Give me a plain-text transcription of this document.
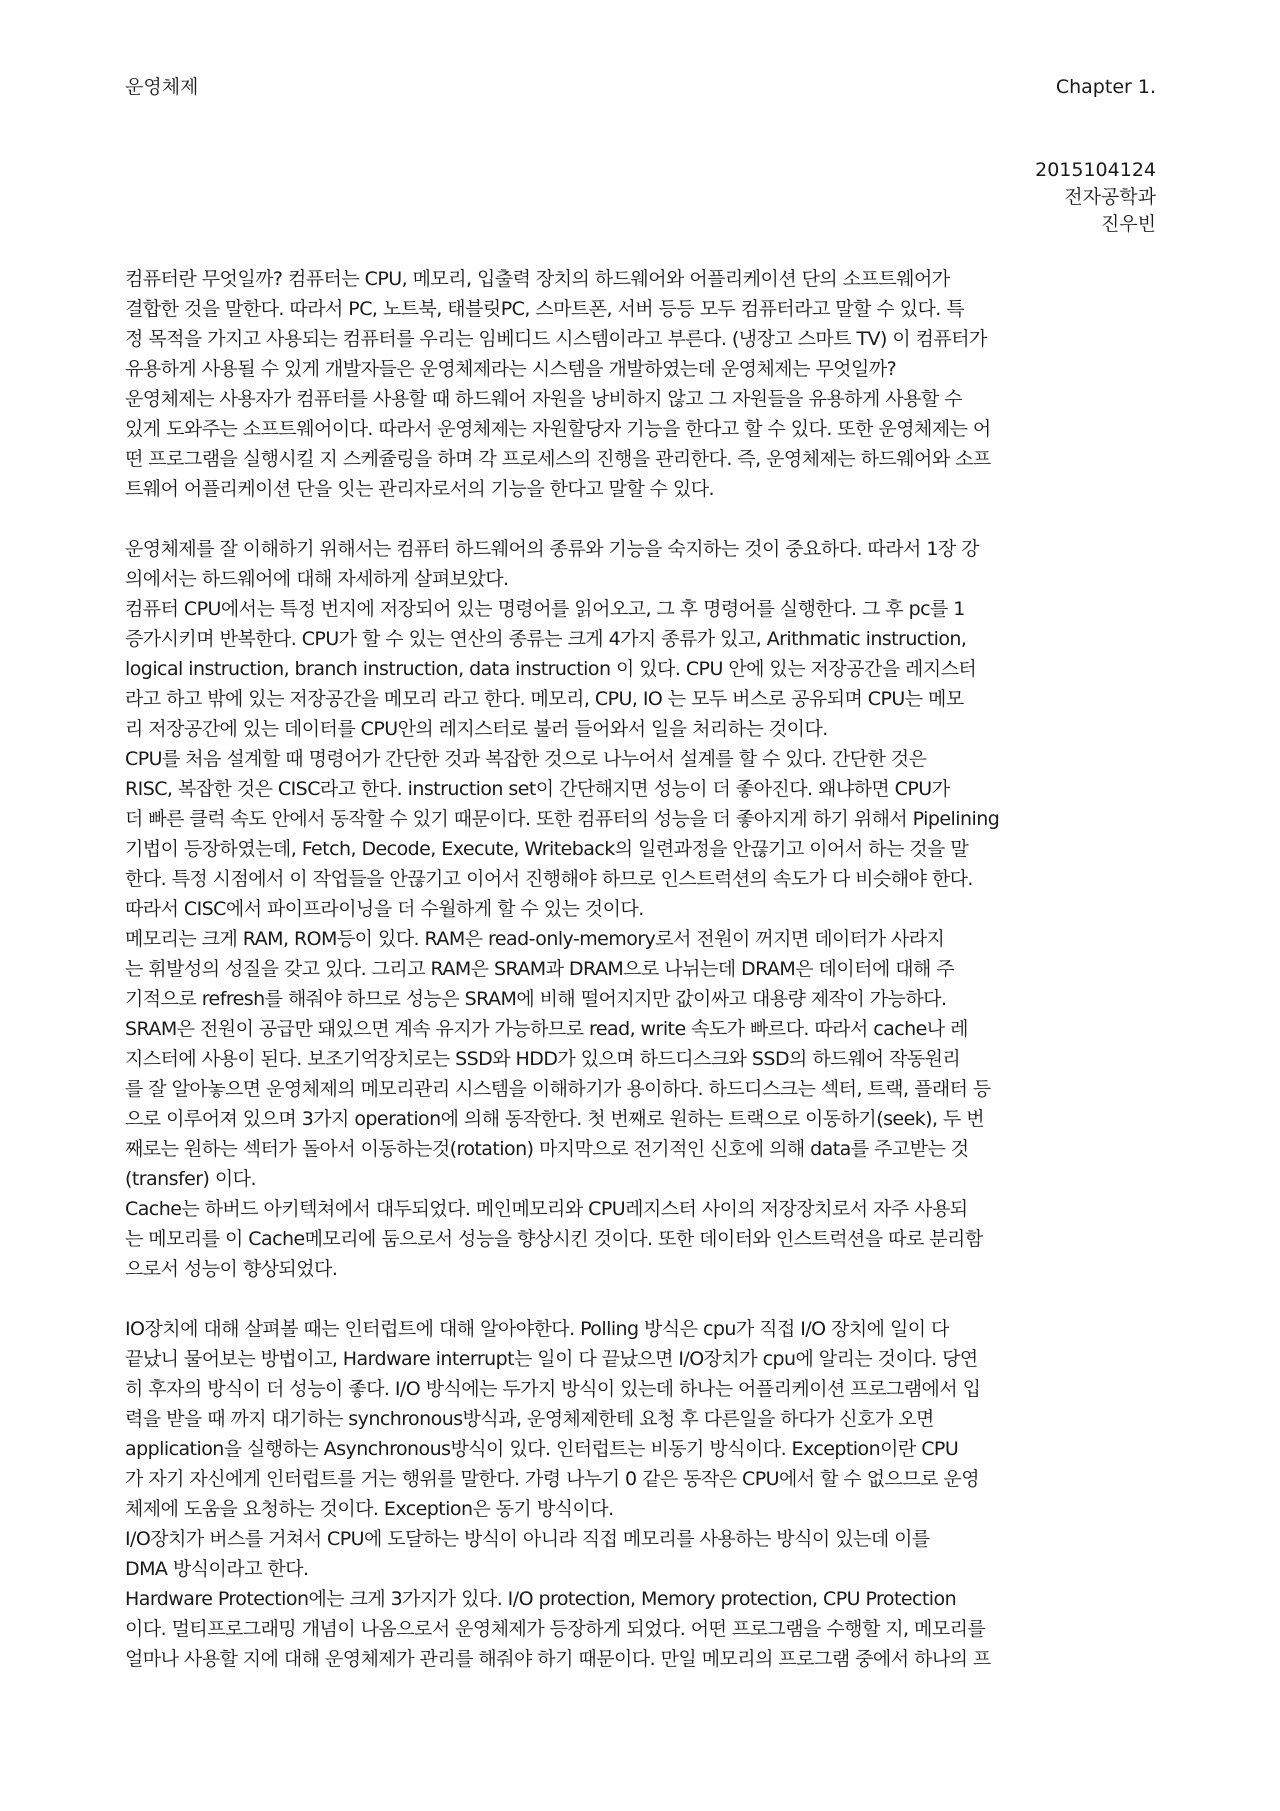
운영체제	Chapter 1.
2015104124
전자공학과
진우빈
컴퓨터란 무엇일까? 컴퓨터는 CPU, 메모리, 입출력 장치의 하드웨어와 어플리케이션 단의 소프트웨어가
결합한 것을 말한다. 따라서 PC, 노트북, 태블릿PC, 스마트폰, 서버 등등 모두 컴퓨터라고 말할 수 있다. 특
정 목적을 가지고 사용되는 컴퓨터를 우리는 임베디드 시스템이라고 부른다. (냉장고 스마트 TV) 이 컴퓨터가
유용하게 사용될 수 있게 개발자들은 운영체제라는 시스템을 개발하였는데 운영체제는 무엇일까?
운영체제는 사용자가 컴퓨터를 사용할 때 하드웨어 자원을 낭비하지 않고 그 자원들을 유용하게 사용할 수
있게 도와주는 소프트웨어이다. 따라서 운영체제는 자원할당자 기능을 한다고 할 수 있다. 또한 운영체제는 어
떤 프로그램을 실행시킬 지 스케쥴링을 하며 각 프로세스의 진행을 관리한다. 즉, 운영체제는 하드웨어와 소프
트웨어 어플리케이션 단을 잇는 관리자로서의 기능을 한다고 말할 수 있다.
운영체제를 잘 이해하기 위해서는 컴퓨터 하드웨어의 종류와 기능을 숙지하는 것이 중요하다. 따라서 1장 강
의에서는 하드웨어에 대해 자세하게 살펴보았다.
컴퓨터 CPU에서는 특정 번지에 저장되어 있는 명령어를 읽어오고, 그 후 명령어를 실행한다. 그 후 pc를 1
증가시키며 반복한다. CPU가 할 수 있는 연산의 종류는 크게 4가지 종류가 있고, Arithmatic instruction,
logical instruction, branch instruction, data instruction 이 있다. CPU 안에 있는 저장공간을 레지스터
라고 하고 밖에 있는 저장공간을 메모리 라고 한다. 메모리, CPU, IO 는 모두 버스로 공유되며 CPU는 메모
리 저장공간에 있는 데이터를 CPU안의 레지스터로 불러 들어와서 일을 처리하는 것이다.
CPU를 처음 설계할 때 명령어가 간단한 것과 복잡한 것으로 나누어서 설계를 할 수 있다. 간단한 것은
RISC, 복잡한 것은 CISC라고 한다. instruction set이 간단해지면 성능이 더 좋아진다. 왜냐하면 CPU가
더 빠른 클럭 속도 안에서 동작할 수 있기 때문이다. 또한 컴퓨터의 성능을 더 좋아지게 하기 위해서 Pipelining
기법이 등장하였는데, Fetch, Decode, Execute, Writeback의 일련과정을 안끊기고 이어서 하는 것을 말
한다. 특정 시점에서 이 작업들을 안끊기고 이어서 진행해야 하므로 인스트럭션의 속도가 다 비슷해야 한다.
따라서 CISC에서 파이프라이닝을 더 수월하게 할 수 있는 것이다.
메모리는 크게 RAM, ROM등이 있다. RAM은 read-only-memory로서 전원이 꺼지면 데이터가 사라지
는 휘발성의 성질을 갖고 있다. 그리고 RAM은 SRAM과 DRAM으로 나뉘는데 DRAM은 데이터에 대해 주
기적으로 refresh를 해줘야 하므로 성능은 SRAM에 비해 떨어지지만 값이싸고 대용량 제작이 가능하다.
SRAM은 전원이 공급만 돼있으면 계속 유지가 가능하므로 read, write 속도가 빠르다. 따라서 cache나 레
지스터에 사용이 된다. 보조기억장치로는 SSD와 HDD가 있으며 하드디스크와 SSD의 하드웨어 작동원리
를 잘 알아놓으면 운영체제의 메모리관리 시스템을 이해하기가 용이하다. 하드디스크는 섹터, 트랙, 플래터 등
으로 이루어져 있으며 3가지 operation에 의해 동작한다. 첫 번째로 원하는 트랙으로 이동하기(seek), 두 번
째로는 원하는 섹터가 돌아서 이동하는것(rotation) 마지막으로 전기적인 신호에 의해 data를 주고받는 것
(transfer) 이다.
Cache는 하버드 아키텍쳐에서 대두되었다. 메인메모리와 CPU레지스터 사이의 저장장치로서 자주 사용되
는 메모리를 이 Cache메모리에 둠으로서 성능을 향상시킨 것이다. 또한 데이터와 인스트럭션을 따로 분리함
으로서 성능이 향상되었다.
IO장치에 대해 살펴볼 때는 인터럽트에 대해 알아야한다. Polling 방식은 cpu가 직접 I/O 장치에 일이 다
끝났니 물어보는 방법이고, Hardware interrupt는 일이 다 끝났으면 I/O장치가 cpu에 알리는 것이다. 당연
히 후자의 방식이 더 성능이 좋다. I/O 방식에는 두가지 방식이 있는데 하나는 어플리케이션 프로그램에서 입
력을 받을 때 까지 대기하는 synchronous방식과, 운영체제한테 요청 후 다른일을 하다가 신호가 오면
application을 실행하는 Asynchronous방식이 있다. 인터럽트는 비동기 방식이다. Exception이란 CPU
가 자기 자신에게 인터럽트를 거는 행위를 말한다. 가령 나누기 0 같은 동작은 CPU에서 할 수 없으므로 운영
체제에 도움을 요청하는 것이다. Exception은 동기 방식이다.
I/O장치가 버스를 거쳐서 CPU에 도달하는 방식이 아니라 직접 메모리를 사용하는 방식이 있는데 이를
DMA 방식이라고 한다.
Hardware Protection에는 크게 3가지가 있다. I/O protection, Memory protection, CPU Protection
이다. 멀티프로그래밍 개념이 나옴으로서 운영체제가 등장하게 되었다. 어떤 프로그램을 수행할 지, 메모리를
얼마나 사용할 지에 대해 운영체제가 관리를 해줘야 하기 때문이다. 만일 메모리의 프로그램 중에서 하나의 프
